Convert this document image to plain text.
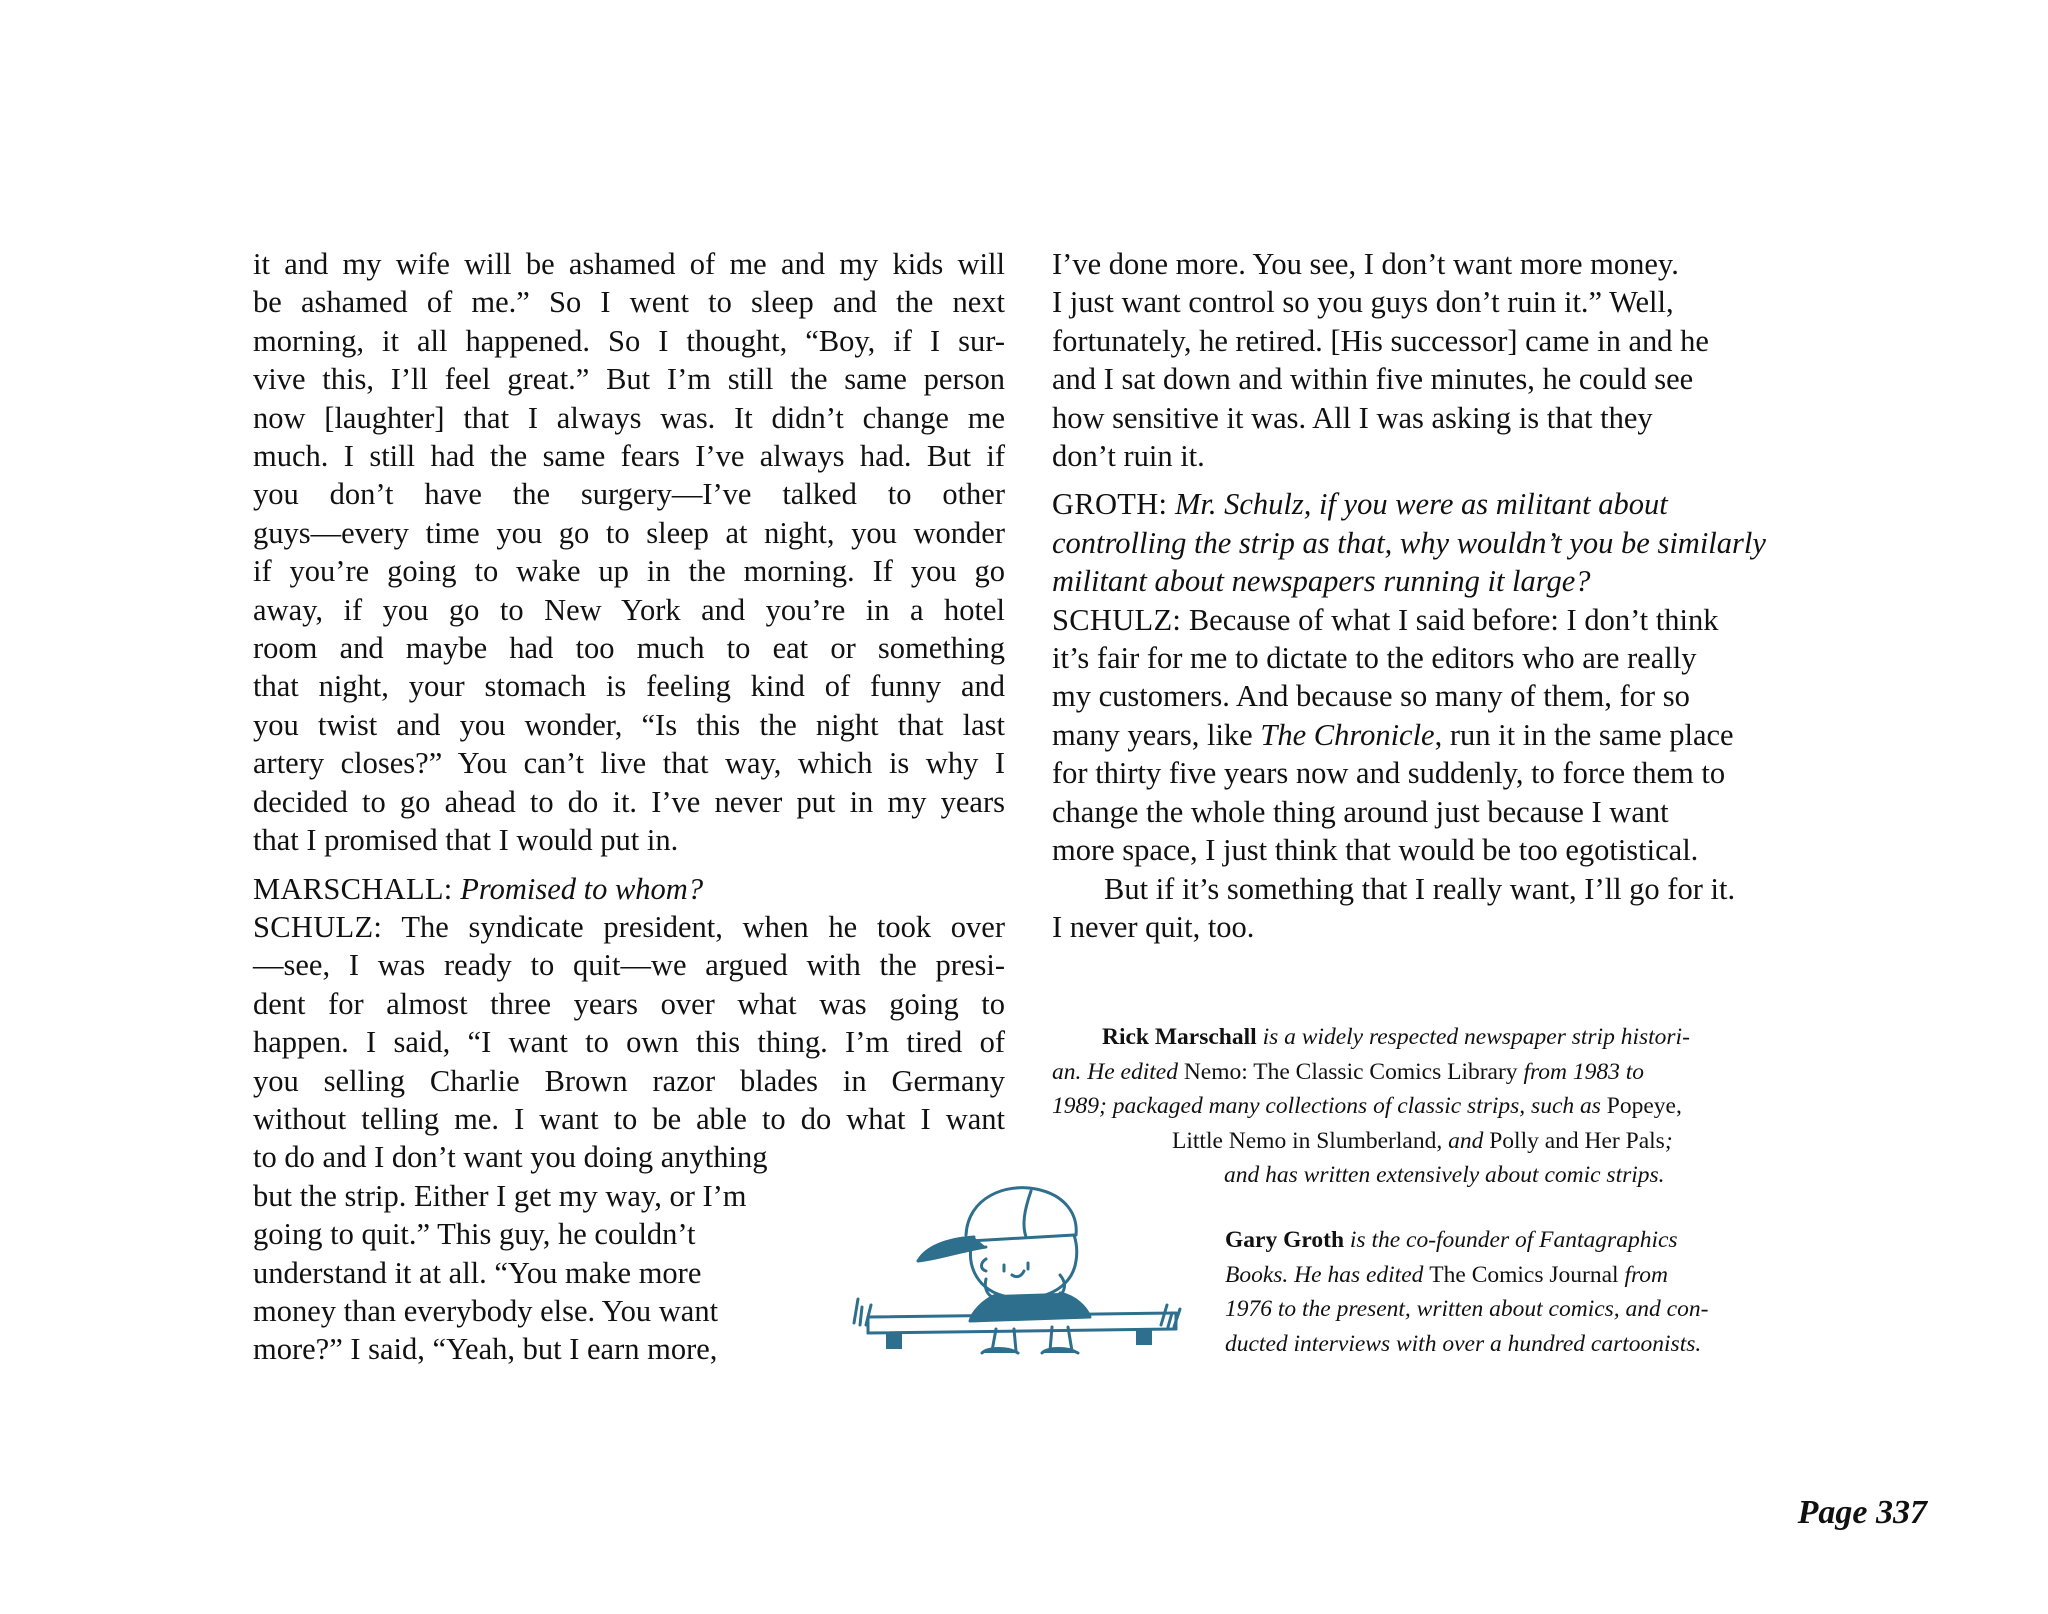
it and my wife will be ashamed of me and my kids will
be ashamed of me.” So I went to sleep and the next
morning, it all happened. So I thought, “Boy, if I sur-
vive this, I’ll feel great.” But I’m still the same person
now [laughter] that I always was. It didn’t change me
much. I still had the same fears I’ve always had. But if
you don’t have the surgery—I’ve talked to other
guys—every time you go to sleep at night, you wonder
if you’re going to wake up in the morning. If you go
away, if you go to New York and you’re in a hotel
room and maybe had too much to eat or something
that night, your stomach is feeling kind of funny and
you twist and you wonder, “Is this the night that last
artery closes?” You can’t live that way, which is why I
decided to go ahead to do it. I’ve never put in my years
that I promised that I would put in.
MARSCHALL: Promised to whom?
SCHULZ: The syndicate president, when he took over
—see, I was ready to quit—we argued with the presi-
dent for almost three years over what was going to
happen. I said, “I want to own this thing. I’m tired of
you selling Charlie Brown razor blades in Germany
without telling me. I want to be able to do what I want
to do and I don’t want you doing anything
but the strip. Either I get my way, or I’m
going to quit.” This guy, he couldn’t
understand it at all. “You make more
money than everybody else. You want
more?” I said, “Yeah, but I earn more,
I’ve done more. You see, I don’t want more money.
I just want control so you guys don’t ruin it.” Well,
fortunately, he retired. [His successor] came in and he
and I sat down and within five minutes, he could see
how sensitive it was. All I was asking is that they
don’t ruin it.
GROTH: Mr. Schulz, if you were as militant about
controlling the strip as that, why wouldn’t you be similarly
militant about newspapers running it large?
SCHULZ: Because of what I said before: I don’t think
it’s fair for me to dictate to the editors who are really
my customers. And because so many of them, for so
many years, like The Chronicle, run it in the same place
for thirty five years now and suddenly, to force them to
change the whole thing around just because I want
more space, I just think that would be too egotistical.
But if it’s something that I really want, I’ll go for it.
I never quit, too.
Rick Marschall is a widely respected newspaper strip histori-
an. He edited Nemo: The Classic Comics Library from 1983 to
1989; packaged many collections of classic strips, such as Popeye,
Little Nemo in Slumberland, and Polly and Her Pals;
and has written extensively about comic strips.
Gary Groth is the co-founder of Fantagraphics
Books. He has edited The Comics Journal from
1976 to the present, written about comics, and con-
ducted interviews with over a hundred cartoonists.
Page 337
